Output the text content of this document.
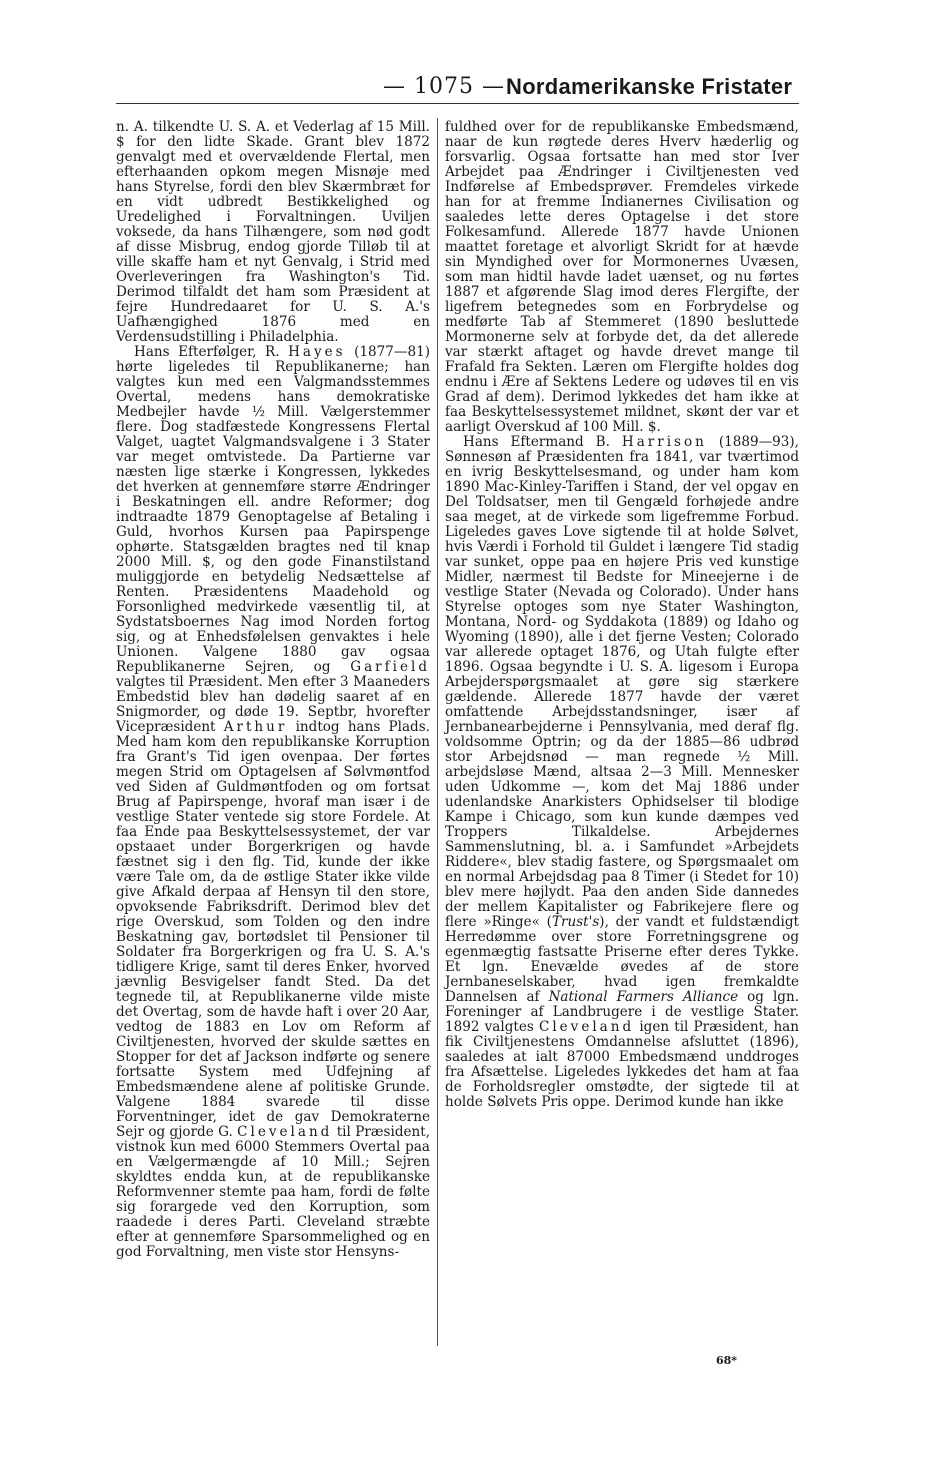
— 1075 — Nordamerikanske Fristater

n. A. tilkendte U. S. A. et Vederlag af 15 Mill. $ for den lidte Skade. Grant blev 1872 genvalgt med et overvældende Flertal, men efterhaanden opkom megen Misnøje med hans Styrelse, fordi den blev Skærmbræt for en vidt udbredt Bestikkelighed og Uredelighed i Forvaltningen. Uviljen voksede, da hans Tilhængere, som nød godt af disse Misbrug, endog gjorde Tilløb til at ville skaffe ham et nyt Genvalg, i Strid med Overleveringen fra Washington's Tid. Derimod tilfaldt det ham som Præsident at fejre Hundredaaret for U. S. A.'s Uafhængighed 1876 med en Verdensudstilling i Philadelphia.

Hans Efterfølger, R. Hayes (1877—81) hørte ligeledes til Republikanerne; han valgtes kun med een Valgmandsstemmes Overtal, medens hans demokratiske Medbejler havde ½ Mill. Vælgerstemmer flere. Dog stadfæstede Kongressens Flertal Valget, uagtet Valgmandsvalgene i 3 Stater var meget omtvistede. Da Partierne var næsten lige stærke i Kongressen, lykkedes det hverken at gennemføre større Ændringer i Beskatningen ell. andre Reformer; dog indtraadte 1879 Genoptagelse af Betaling i Guld, hvorhos Kursen paa Papirspenge ophørte. Statsgælden bragtes ned til knap 2000 Mill. $, og den gode Finanstilstand muliggjorde en betydelig Nedsættelse af Renten. Præsidentens Maadehold og Forsonlighed medvirkede væsentlig til, at Sydstatsboernes Nag imod Norden fortog sig, og at Enhedsfølelsen genvaktes i hele Unionen. Valgene 1880 gav ogsaa Republikanerne Sejren, og Garfield valgtes til Præsident. Men efter 3 Maaneders Embedstid blev han dødelig saaret af en Snigmorder, og døde 19. Septbr, hvorefter Vicepræsident Arthur indtog hans Plads. Med ham kom den republikanske Korruption fra Grant's Tid igen ovenpaa. Der førtes megen Strid om Optagelsen af Sølvmøntfod ved Siden af Guldmøntfoden og om fortsat Brug af Papirspenge, hvoraf man især i de vestlige Stater ventede sig store Fordele. At faa Ende paa Beskyttelsessystemet, der var opstaaet under Borgerkrigen og havde fæstnet sig i den flg. Tid, kunde der ikke være Tale om, da de østlige Stater ikke vilde give Afkald derpaa af Hensyn til den store, opvoksende Fabriksdrift. Derimod blev det rige Overskud, som Tolden og den indre Beskatning gav, bortødslet til Pensioner til Soldater fra Borgerkrigen og fra U. S. A.'s tidligere Krige, samt til deres Enker, hvorved jævnlig Besvigelser fandt Sted. Da det tegnede til, at Republikanerne vilde miste det Overtag, som de havde haft i over 20 Aar, vedtog de 1883 en Lov om Reform af Civiltjenesten, hvorved der skulde sættes en Stopper for det af Jackson indførte og senere fortsatte System med Udfejning af Embedsmændene alene af politiske Grunde. Valgene 1884 svarede til disse Forventninger, idet de gav Demokraterne Sejr og gjorde G. Cleveland til Præsident, vistnok kun med 6000 Stemmers Overtal paa en Vælgermængde af 10 Mill.; Sejren skyldtes endda kun, at de republikanske Reformvenner stemte paa ham, fordi de følte sig forargede ved den Korruption, som raadede i deres Parti. Cleveland stræbte efter at gennemføre Sparsommelighed og en god Forvaltning, men viste stor Hensyns-

fuldhed over for de republikanske Embedsmænd, naar de kun røgtede deres Hverv hæderlig og forsvarlig. Ogsaa fortsatte han med stor Iver Arbejdet paa Ændringer i Civiltjenesten ved Indførelse af Embedsprøver. Fremdeles virkede han for at fremme Indianernes Civilisation og saaledes lette deres Optagelse i det store Folkesamfund. Allerede 1877 havde Unionen maattet foretage et alvorligt Skridt for at hævde sin Myndighed over for Mormonernes Uvæsen, som man hidtil havde ladet uænset, og nu førtes 1887 et afgørende Slag imod deres Flergifte, der ligefrem betegnedes som en Forbrydelse og medførte Tab af Stemmeret (1890 besluttede Mormonerne selv at forbyde det, da det allerede var stærkt aftaget og havde drevet mange til Frafald fra Sekten. Læren om Flergifte holdes dog endnu i Ære af Sektens Ledere og udøves til en vis Grad af dem). Derimod lykkedes det ham ikke at faa Beskyttelsessystemet mildnet, skønt der var et aarligt Overskud af 100 Mill. $.

Hans Eftermand B. Harrison (1889—93), Sønnesøn af Præsidenten fra 1841, var tværtimod en ivrig Beskyttelsesmand, og under ham kom 1890 Mac-Kinley-Tariffen i Stand, der vel opgav en Del Toldsatser, men til Gengæld forhøjede andre saa meget, at de virkede som ligefremme Forbud. Ligeledes gaves Love sigtende til at holde Sølvet, hvis Værdi i Forhold til Guldet i længere Tid stadig var sunket, oppe paa en højere Pris ved kunstige Midler, nærmest til Bedste for Mineejerne i de vestlige Stater (Nevada og Colorado). Under hans Styrelse optoges som nye Stater Washington, Montana, Nord- og Syddakota (1889) og Idaho og Wyoming (1890), alle i det fjerne Vesten; Colorado var allerede optaget 1876, og Utah fulgte efter 1896. Ogsaa begyndte i U. S. A. ligesom i Europa Arbejderspørgsmaalet at gøre sig stærkere gældende. Allerede 1877 havde der været omfattende Arbejdsstandsninger, især af Jernbanearbejderne i Pennsylvania, med deraf flg. voldsomme Optrin; og da der 1885—86 udbrød stor Arbejdsnød — man regnede ½ Mill. arbejdsløse Mænd, altsaa 2—3 Mill. Mennesker uden Udkomme —, kom det Maj 1886 under udenlandske Anarkisters Ophidselser til blodige Kampe i Chicago, som kun kunde dæmpes ved Troppers Tilkaldelse. Arbejdernes Sammenslutning, bl. a. i Samfundet »Arbejdets Riddere«, blev stadig fastere, og Spørgsmaalet om en normal Arbejdsdag paa 8 Timer (i Stedet for 10) blev mere højlydt. Paa den anden Side dannedes der mellem Kapitalister og Fabrikejere flere og flere »Ringe« (Trust's), der vandt et fuldstændigt Herredømme over store Forretningsgrene og egenmægtig fastsatte Priserne efter deres Tykke. Et lgn. Enevælde øvedes af de store Jernbaneselskaber, hvad igen fremkaldte Dannelsen af National Farmers Alliance og lgn. Foreninger af Landbrugere i de vestlige Stater. 1892 valgtes Cleveland igen til Præsident, han fik Civiltjenestens Omdannelse afsluttet (1896), saaledes at ialt 87000 Embedsmænd unddroges fra Afsættelse. Ligeledes lykkedes det ham at faa de Forholdsregler omstødte, der sigtede til at holde Sølvets Pris oppe. Derimod kunde han ikke

68*
